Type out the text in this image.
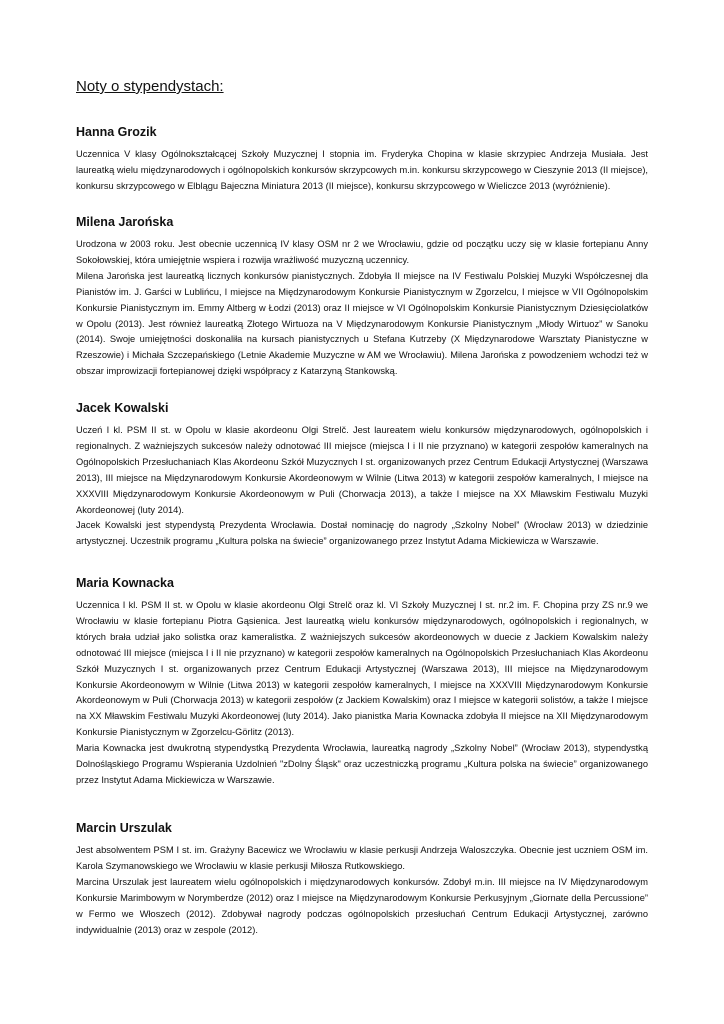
Noty o stypendystach:
Hanna Grozik

Uczennica V klasy Ogólnokształcącej Szkoły Muzycznej I stopnia im. Fryderyka Chopina w klasie skrzypiec Andrzeja Musiała. Jest laureatką wielu międzynarodowych i ogólnopolskich konkursów skrzypcowych m.in. konkursu skrzypcowego w Cieszynie 2013 (II miejsce), konkursu skrzypcowego w Elblągu Bajeczna Miniatura 2013 (II miejsce), konkursu skrzypcowego w Wieliczce 2013 (wyróżnienie).

Milena Jarońska

Urodzona w 2003 roku. Jest obecnie uczennicą IV klasy OSM nr 2 we Wrocławiu, gdzie od początku uczy się w klasie fortepianu Anny Sokołowskiej, która umiejętnie wspiera i rozwija wrażliwość muzyczną uczennicy.

Milena Jarońska jest laureatką licznych konkursów pianistycznych. Zdobyła II miejsce na IV Festiwalu Polskiej Muzyki Współczesnej dla Pianistów im. J. Garści w Lublińcu, I miejsce na Międzynarodowym Konkursie Pianistycznym w Zgorzelcu, I miejsce w VII Ogólnopolskim Konkursie Pianistycznym im. Emmy Altberg w Łodzi (2013) oraz II miejsce w VI Ogólnopolskim Konkursie Pianistycznym Dziesięciolatków w Opolu (2013). Jest również laureatką Złotego Wirtuoza na V Międzynarodowym Konkursie Pianistycznym „Młody Wirtuoz” w Sanoku (2014). Swoje umiejętności doskonaliła na kursach pianistycznych u Stefana Kutrzeby (X Międzynarodowe Warsztaty Pianistyczne w Rzeszowie) i Michała Szczepańskiego (Letnie Akademie Muzyczne w AM we Wrocławiu). Milena Jarońska z powodzeniem wchodzi też w obszar improwizacji fortepianowej dzięki współpracy z Katarzyną Stankowską.

Jacek Kowalski

Uczeń I kl. PSM II st. w Opolu w klasie akordeonu Olgi Strelč. Jest laureatem wielu konkursów międzynarodowych, ogólnopolskich i regionalnych. Z ważniejszych sukcesów należy odnotować III miejsce (miejsca I i II nie przyznano) w kategorii zespołów kameralnych na Ogólnopolskich Przesłuchaniach Klas Akordeonu Szkół Muzycznych I st. organizowanych przez Centrum Edukacji Artystycznej (Warszawa 2013), III miejsce na Międzynarodowym Konkursie Akordeonowym w Wilnie (Litwa 2013) w kategorii zespołów kameralnych, I miejsce na XXXVIII Międzynarodowym Konkursie Akordeonowym w Puli (Chorwacja 2013), a także I miejsce na XX Mławskim Festiwalu Muzyki Akordeonowej (luty 2014).

Jacek Kowalski jest stypendystą Prezydenta Wrocławia. Dostał nominację do nagrody „Szkolny Nobel” (Wrocław 2013) w dziedzinie artystycznej. Uczestnik programu „Kultura polska na świecie” organizowanego przez Instytut Adama Mickiewicza w Warszawie.

Maria Kownacka

Uczennica I kl. PSM II st. w Opolu w klasie akordeonu Olgi Strelč oraz kl. VI Szkoły Muzycznej I st. nr.2 im. F. Chopina przy ZS nr.9 we Wrocławiu w klasie fortepianu Piotra Gąsienica. Jest laureatką wielu konkursów międzynarodowych, ogólnopolskich i regionalnych, w których brała udział jako solistka oraz kameralistka. Z ważniejszych sukcesów akordeonowych w duecie z Jackiem Kowalskim należy odnotować III miejsce (miejsca I i II nie przyznano) w kategorii zespołów kameralnych na Ogólnopolskich Przesłuchaniach Klas Akordeonu Szkół Muzycznych I st. organizowanych przez Centrum Edukacji Artystycznej (Warszawa 2013), III miejsce na Międzynarodowym Konkursie Akordeonowym w Wilnie (Litwa 2013) w kategorii zespołów kameralnych, I miejsce na XXXVIII Międzynarodowym Konkursie Akordeonowym w Puli (Chorwacja 2013) w kategorii zespołów (z Jackiem Kowalskim) oraz I miejsce w kategorii solistów, a także I miejsce na XX Mławskim Festiwalu Muzyki Akordeonowej (luty 2014). Jako pianistka Maria Kownacka zdobyła II miejsce na XII Międzynarodowym Konkursie Pianistycznym w Zgorzelcu-Görlitz (2013).

Maria Kownacka jest dwukrotną stypendystką Prezydenta Wrocławia, laureatką nagrody „Szkolny Nobel” (Wrocław 2013), stypendystką Dolnośląskiego Programu Wspierania Uzdolnień "zDolny Śląsk" oraz uczestniczką programu „Kultura polska na świecie” organizowanego przez Instytut Adama Mickiewicza w Warszawie.

Marcin Urszulak

Jest absolwentem PSM I st. im. Grażyny Bacewicz we Wrocławiu w klasie perkusji Andrzeja Waloszczyka. Obecnie jest uczniem OSM im. Karola Szymanowskiego we Wrocławiu w klasie perkusji Miłosza Rutkowskiego.

Marcina Urszulak jest laureatem wielu ogólnopolskich i międzynarodowych konkursów. Zdobył m.in. III miejsce na IV Międzynarodowym Konkursie Marimbowym w Norymberdze (2012) oraz I miejsce na Międzynarodowym Konkursie Perkusyjnym „Giornate della Percussione” w Fermo we Włoszech (2012). Zdobywał nagrody podczas ogólnopolskich przesłuchań Centrum Edukacji Artystycznej, zarówno indywidualnie (2013) oraz w zespole (2012).
